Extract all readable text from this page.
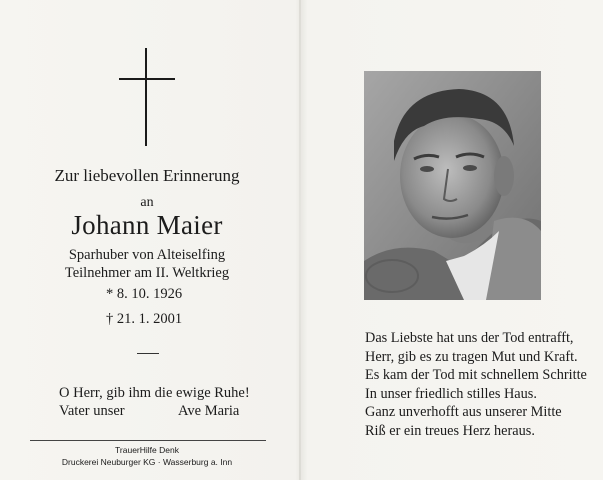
Zur liebevollen Erinnerung
an
Johann Maier
Sparhuber von Alteiselfing
Teilnehmer am II. Weltkrieg
* 8. 10. 1926
† 21. 1. 2001
O Herr, gib ihm die ewige Ruhe!
Vater unser	Ave Maria
TrauerHilfe Denk
Druckerei Neuburger KG · Wasserburg a. Inn
Das Liebste hat uns der Tod entrafft,
Herr, gib es zu tragen Mut und Kraft.
Es kam der Tod mit schnellem Schritte
In unser friedlich stilles Haus.
Ganz unverhofft aus unserer Mitte
Riß er ein treues Herz heraus.
